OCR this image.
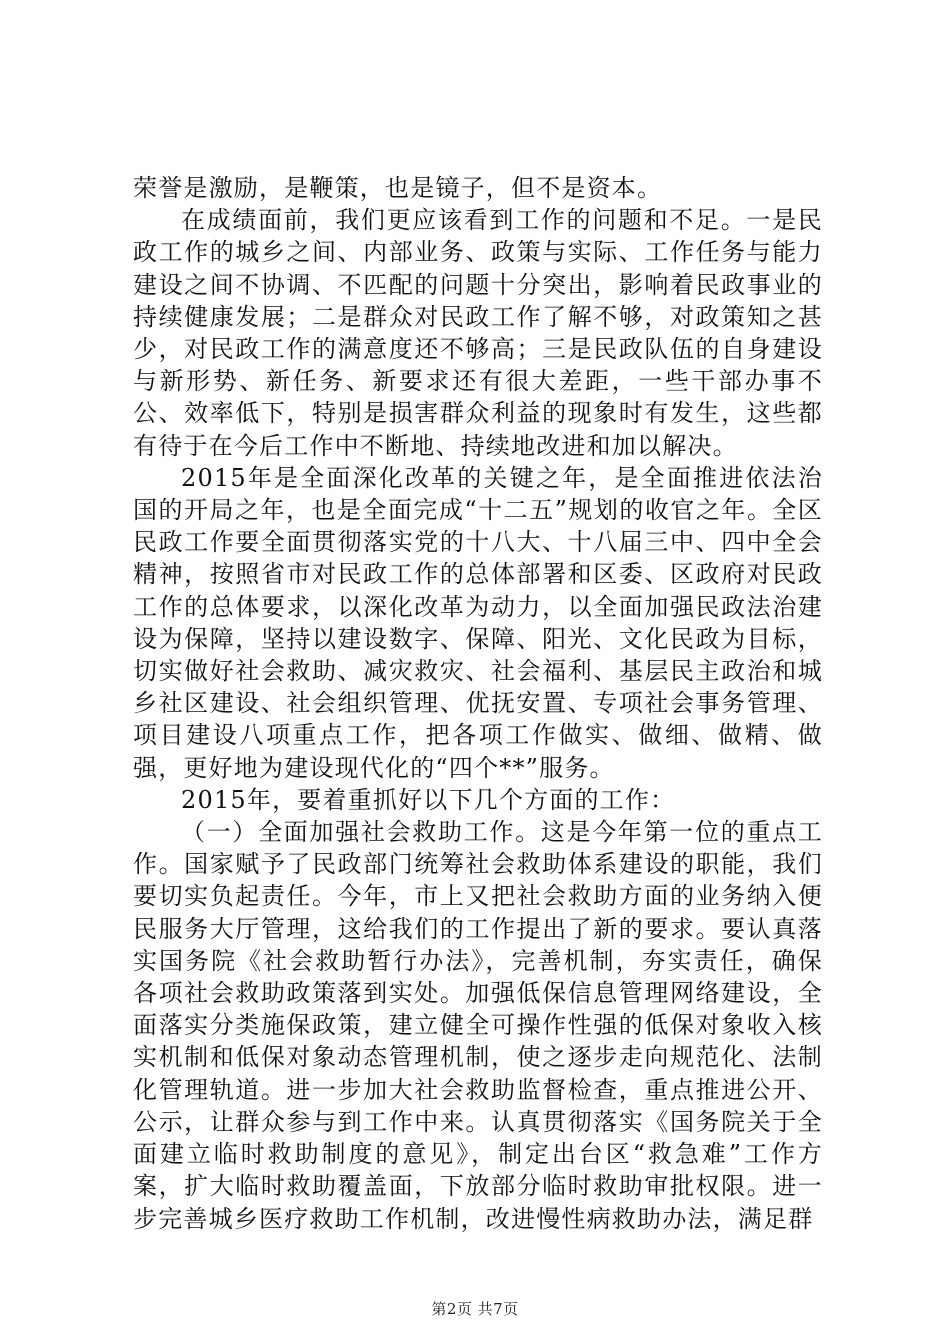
荣誉是激励，是鞭策，也是镜子，但不是资本。

在成绩面前，我们更应该看到工作的问题和不足。一是民政工作的城乡之间、内部业务、政策与实际、工作任务与能力建设之间不协调、不匹配的问题十分突出，影响着民政事业的持续健康发展；二是群众对民政工作了解不够，对政策知之甚少，对民政工作的满意度还不够高；三是民政队伍的自身建设与新形势、新任务、新要求还有很大差距，一些干部办事不公、效率低下，特别是损害群众利益的现象时有发生，这些都有待于在今后工作中不断地、持续地改进和加以解决。

2015年是全面深化改革的关键之年，是全面推进依法治国的开局之年，也是全面完成“十二五”规划的收官之年。全区民政工作要全面贯彻落实党的十八大、十八届三中、四中全会精神，按照省市对民政工作的总体部署和区委、区政府对民政工作的总体要求，以深化改革为动力，以全面加强民政法治建设为保障，坚持以建设数字、保障、阳光、文化民政为目标，切实做好社会救助、减灾救灾、社会福利、基层民主政治和城乡社区建设、社会组织管理、优抚安置、专项社会事务管理、项目建设八项重点工作，把各项工作做实、做细、做精、做强，更好地为建设现代化的“四个**”服务。

2015年，要着重抓好以下几个方面的工作：

（一）全面加强社会救助工作。这是今年第一位的重点工作。国家赋予了民政部门统筹社会救助体系建设的职能，我们要切实负起责任。今年，市上又把社会救助方面的业务纳入便民服务大厅管理，这给我们的工作提出了新的要求。要认真落实国务院《社会救助暂行办法》，完善机制，夯实责任，确保各项社会救助政策落到实处。加强低保信息管理网络建设，全面落实分类施保政策，建立健全可操作性强的低保对象收入核实机制和低保对象动态管理机制，使之逐步走向规范化、法制化管理轨道。进一步加大社会救助监督检查，重点推进公开、公示，让群众参与到工作中来。认真贯彻落实《国务院关于全面建立临时救助制度的意见》，制定出台区“救急难”工作方案，扩大临时救助覆盖面，下放部分临时救助审批权限。进一步完善城乡医疗救助工作机制，改进慢性病救助办法，满足群

第2页 共7页
